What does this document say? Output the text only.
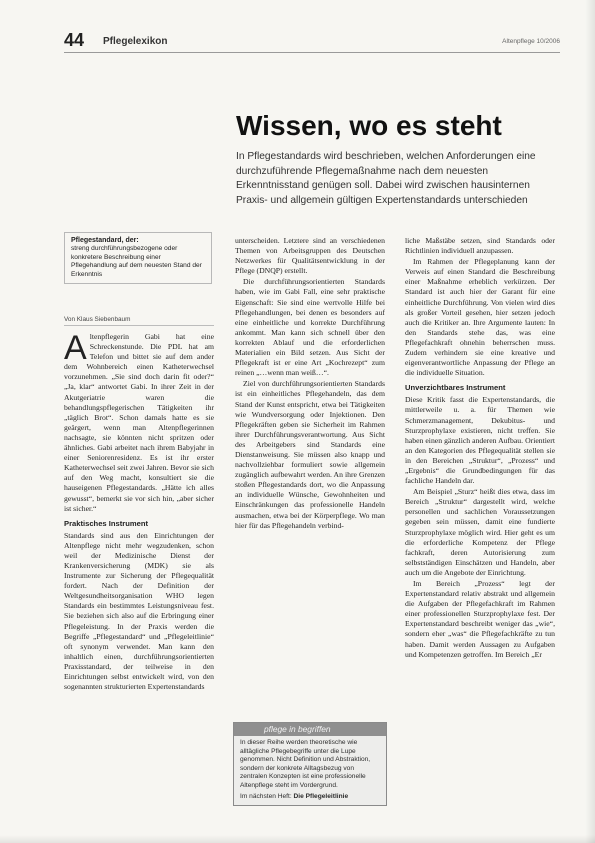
44 Pflegelexikon	Altenpflege 10/2006
Wissen, wo es steht
In Pflegestandards wird beschrieben, welchen Anforderungen eine durchzuführende Pflegemaßnahme nach dem neuesten Erkenntnisstand genügen soll. Dabei wird zwischen hausinternen Praxis- und allgemein gültigen Expertenstandards unterschieden
Pflegestandard, der:
streng durchführungsbezogene oder konkretere Beschreibung einer Pflegehandlung auf dem neuesten Stand der Erkenntnis
Von Klaus Siebenbaum
A ltenpflegerin Gabi hat eine Schreckenstunde. Die PDL hat am Telefon und bittet sie auf dem ander dem Wohnbereich einen Katheterwechsel vorzunehmen. „Sie sind doch darin fit oder?“ „Ja, klar“ antwortet Gabi. In ihrer Zeit in der Akutgeriatrie waren die behandlungspflegerischen Tätigkeiten ihr „täglich Brot“. Schon damals hatte es sie geärgert, wenn man Altenpflegerinnen nachsagte, sie könnten nicht spritzen oder ähnliches. Gabi arbeitet nach ihrem Babyjahr in einer Seniorenresidenz. Es ist ihr erster Katheterwechsel seit zwei Jahren. Bevor sie sich auf den Weg macht, konsultiert sie die hauseigenen Pflegestandards. „Hätte ich alles gewusst“, bemerkt sie vor sich hin, „aber sicher ist sicher.“

Praktisches Instrument

Standards sind aus den Einrichtungen der Altenpflege nicht mehr wegzudenken, schon weil der Medizinische Dienst der Krankenversicherung (MDK) sie als Instrumente zur Sicherung der Pflegequalität fordert. Nach der Definition der Weltgesundheitsorganisation WHO legen Standards ein bestimmtes Leistungsniveau fest. Sie beziehen sich also auf die Erbringung einer Pflegeleistung. In der Praxis werden die Begriffe „Pflegestandard“ und „Pflegeleitlinie“ oft synonym verwendet. Man kann den inhaltlich einen, durchführungsorientierten Praxisstandard, der teilweise in den Einrichtungen selbst entwickelt wird, von den sogenannten strukturierten Expertenstandards

unterscheiden. Letztere sind an verschiedenen Themen von Arbeitsgruppen des Deutschen Netzwerkes für Qualitätsentwicklung in der Pflege (DNQP) erstellt.

Die durchführungsorientierten Standards haben, wie im Gabi Fall, eine sehr praktische Eigenschaft: Sie sind eine wertvolle Hilfe bei Pflegehandlungen, bei denen es besonders auf eine einheitliche und korrekte Durchführung ankommt. Man kann sich schnell über den korrekten Ablauf und die erforderlichen Materialien ein Bild setzen. Aus Sicht der Pflegekraft ist er eine Art „Kochrezept“ zum reinen „…wenn man weiß…“.

Ziel von durchführungsorientierten Standards ist ein einheitliches Pflegehandeln, das dem Stand der Kunst entspricht, etwa bei Tätigkeiten wie Wundversorgung oder Injektionen. Den Pflegekräften geben sie Sicherheit im Rahmen ihrer Durchführungsverantwortung. Aus Sicht des Arbeitgebers sind Standards eine Dienstanweisung. Sie müssen also knapp und nachvollziehbar formuliert sowie allgemein zugänglich aufbewahrt werden. An ihre Grenzen stoßen Pflegestandards dort, wo die Anpassung an individuelle Wünsche, Gewohnheiten und Einschränkungen das professionelle Handeln ausmachen, etwa bei der Körperpflege. Wo man hier für das Pflegehandeln verbind-

liche Maßstäbe setzen, sind Standards oder Richtlinien individuell anzupassen.

Im Rahmen der Pflegeplanung kann der Verweis auf einen Standard die Beschreibung einer Maßnahme erheblich verkürzen. Der Standard ist auch hier der Garant für eine einheitliche Durchführung. Von vielen wird dies als großer Vorteil gesehen, hier setzen jedoch auch die Kritiker an. Ihre Argumente lauten: In den Standards stehe das, was eine Pflegefachkraft ohnehin beherrschen muss. Zudem verhindern sie eine kreative und eigenverantwortliche Anpassung der Pflege an die individuelle Situation.

Unverzichtbares Instrument

Diese Kritik fasst die Expertenstandards, die mittlerweile u. a. für Themen wie Schmerzmanagement, Dekubitus- und Sturzprophylaxe existieren, nicht treffen. Sie haben einen gänzlich anderen Aufbau. Orientiert an den Kategorien des Pflegequalität stellen sie in den Bereichen „Struktur“, „Prozess“ und „Ergebnis“ die Grundbedingungen für das fachliche Handeln dar.

Am Beispiel „Sturz“ heißt dies etwa, dass im Bereich „Struktur“ dargestellt wird, welche personellen und sachlichen Voraussetzungen gegeben sein müssen, damit eine fundierte Sturzprophylaxe möglich wird. Hier geht es um die erforderliche Kompetenz der Pflege fachkraft, deren Autorisierung zum selbstständigen Einschätzen und Handeln, aber auch um die Angebote der Einrichtung.

Im Bereich „Prozess“ legt der Expertenstandard relativ abstrakt und allgemein die Aufgaben der Pflegefachkraft im Rahmen einer professionellen Sturzprophylaxe fest. Der Expertenstandard beschreibt weniger das „wie“, sondern eher „was“ die Pflegefachkräfte zu tun haben. Damit werden Aussagen zu Aufgaben und Kompetenzen getroffen. Im Bereich „Er

pflege in begriffen
In dieser Reihe werden theoretische wie alltägliche Pflegebegriffe unter die Lupe genommen. Nicht Definition und Abstraktion, sondern der konkrete Alltagsbezug von zentralen Konzepten ist eine professionelle Altenpflege steht im Vordergrund.
Im nächsten Heft: Die Pflegeleitlinie
